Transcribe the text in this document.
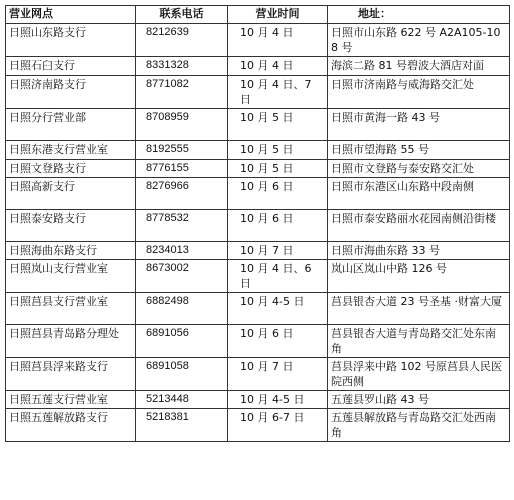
营业网点	联系电话	营业时间	地址：
日照山东路支行	8212639	10 月 4 日	日照市山东路 622 号 A2A105-108 号
日照石臼支行	8331328	10 月 4 日	海滨二路 81 号碧波大酒店对面
日照济南路支行	8771082	10 月 4 日、7 日	日照市济南路与威海路交汇处
日照分行营业部	8708959	10 月 5 日	日照市黄海一路 43 号
日照东港支行营业室	8192555	10 月 5 日	日照市望海路 55 号
日照文登路支行	8776155	10 月 5 日	日照市文登路与泰安路交汇处
日照高新支行	8276966	10 月 6 日	日照市东港区山东路中段南侧
日照泰安路支行	8778532	10 月 6 日	日照市泰安路丽水花园南侧沿街楼
日照海曲东路支行	8234013	10 月 7 日	日照市海曲东路 33 号
日照岚山支行营业室	8673002	10 月 4 日、6 日	岚山区岚山中路 126 号
日照莒县支行营业室	6882498	10 月 4-5 日	莒县银杏大道 23 号圣基 ·财富大厦
日照莒县青岛路分理处	6891056	10 月 6 日	莒县银杏大道与青岛路交汇处东南角
日照莒县浮来路支行	6891058	10 月 7 日	莒县浮来中路 102 号原莒县人民医院西侧
日照五莲支行营业室	5213448	10 月 4-5 日	五莲县罗山路 43 号
日照五莲解放路支行	5218381	10 月 6-7 日	五莲县解放路与青岛路交汇处西南角
